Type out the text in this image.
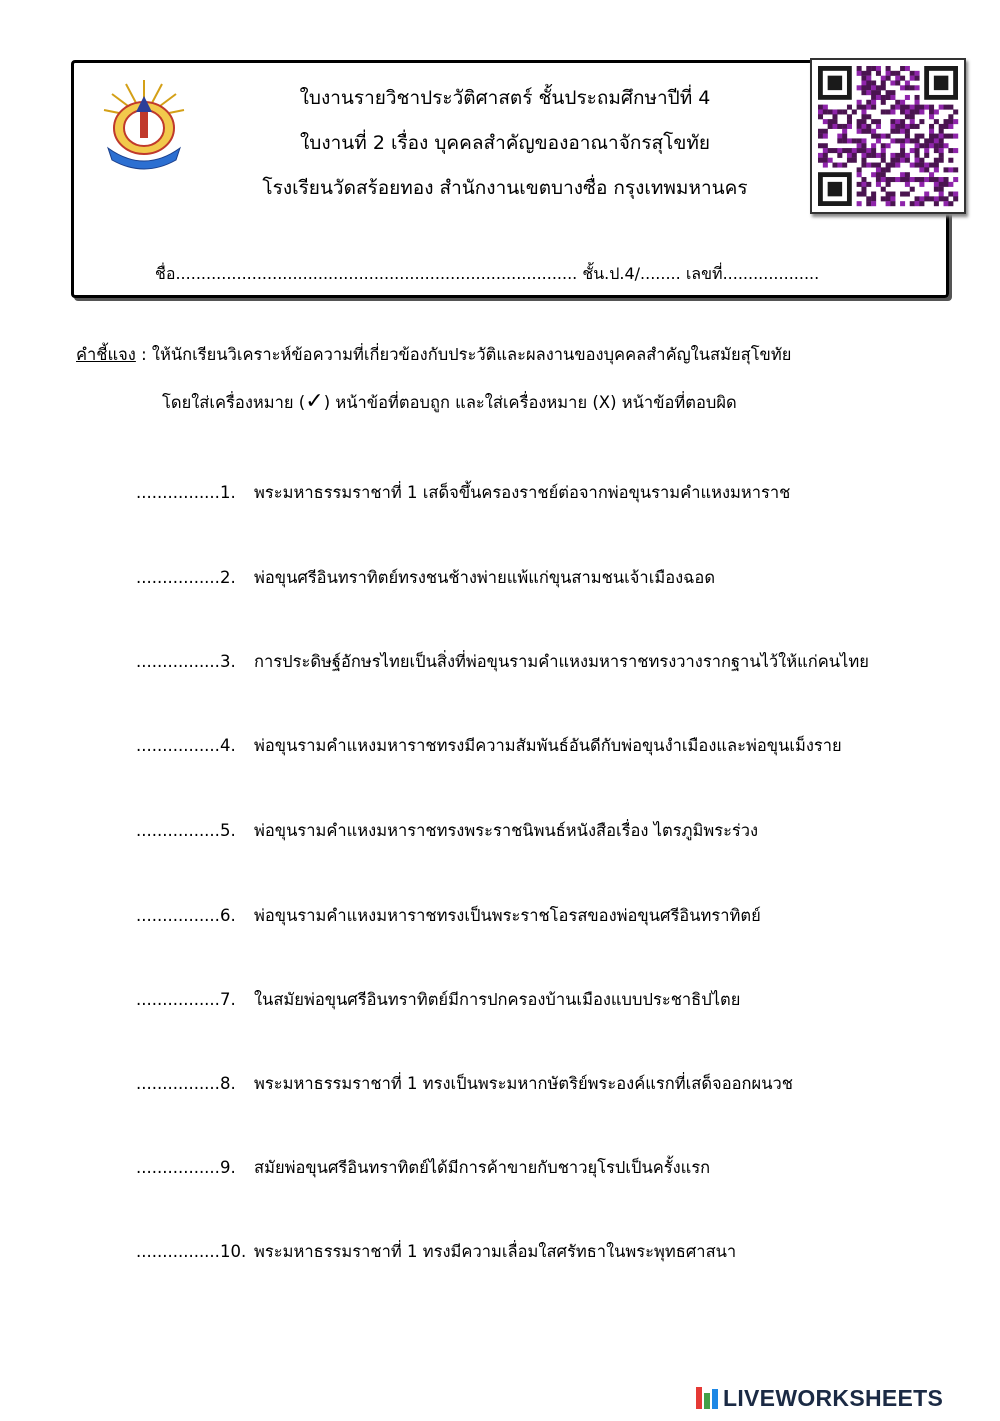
ใบงานรายวิชาประวัติศาสตร์ ชั้นประถมศึกษาปีที่ 4
ใบงานที่ 2 เรื่อง บุคคลสำคัญของอาณาจักรสุโขทัย
โรงเรียนวัดสร้อยทอง สำนักงานเขตบางซื่อ กรุงเทพมหานคร
ชื่อ............................................................................... ชั้น.ป.4/........ เลขที่...................
คำชี้แจง : ให้นักเรียนวิเคราะห์ข้อความที่เกี่ยวข้องกับประวัติและผลงานของบุคคลสำคัญในสมัยสุโขทัย
โดยใส่เครื่องหมาย (✓) หน้าข้อที่ตอบถูก และใส่เครื่องหมาย (X) หน้าข้อที่ตอบผิด
................1. พระมหาธรรมราชาที่ 1 เสด็จขึ้นครองราชย์ต่อจากพ่อขุนรามคำแหงมหาราช
................2. พ่อขุนศรีอินทราทิตย์ทรงชนช้างพ่ายแพ้แก่ขุนสามชนเจ้าเมืองฉอด
................3. การประดิษฐ์อักษรไทยเป็นสิ่งที่พ่อขุนรามคำแหงมหาราชทรงวางรากฐานไว้ให้แก่คนไทย
................4. พ่อขุนรามคำแหงมหาราชทรงมีความสัมพันธ์อันดีกับพ่อขุนงำเมืองและพ่อขุนเม็งราย
................5. พ่อขุนรามคำแหงมหาราชทรงพระราชนิพนธ์หนังสือเรื่อง ไตรภูมิพระร่วง
................6. พ่อขุนรามคำแหงมหาราชทรงเป็นพระราชโอรสของพ่อขุนศรีอินทราทิตย์
................7. ในสมัยพ่อขุนศรีอินทราทิตย์มีการปกครองบ้านเมืองแบบประชาธิปไตย
................8. พระมหาธรรมราชาที่ 1 ทรงเป็นพระมหากษัตริย์พระองค์แรกที่เสด็จออกผนวช
................9. สมัยพ่อขุนศรีอินทราทิตย์ได้มีการค้าขายกับชาวยุโรปเป็นครั้งแรก
................10. พระมหาธรรมราชาที่ 1 ทรงมีความเลื่อมใสศรัทธาในพระพุทธศาสนา
LIVEWORKSHEETS
